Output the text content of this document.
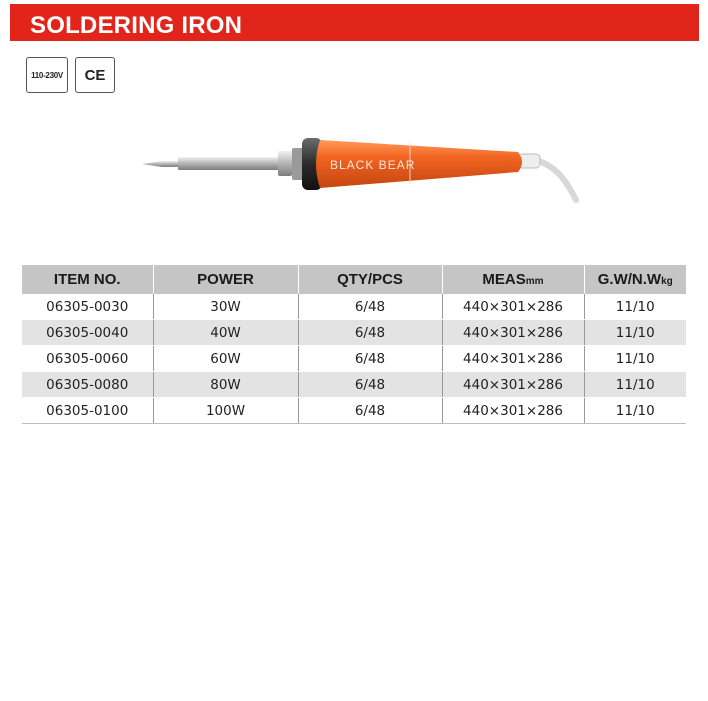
SOLDERING IRON
110-230V	CE
BLACK BEAR
ITEM NO.	POWER	QTY/PCS	MEASmm	G.W/N.Wkg
06305-0030	30W	6/48	440×301×286	11/10
06305-0040	40W	6/48	440×301×286	11/10
06305-0060	60W	6/48	440×301×286	11/10
06305-0080	80W	6/48	440×301×286	11/10
06305-0100	100W	6/48	440×301×286	11/10
